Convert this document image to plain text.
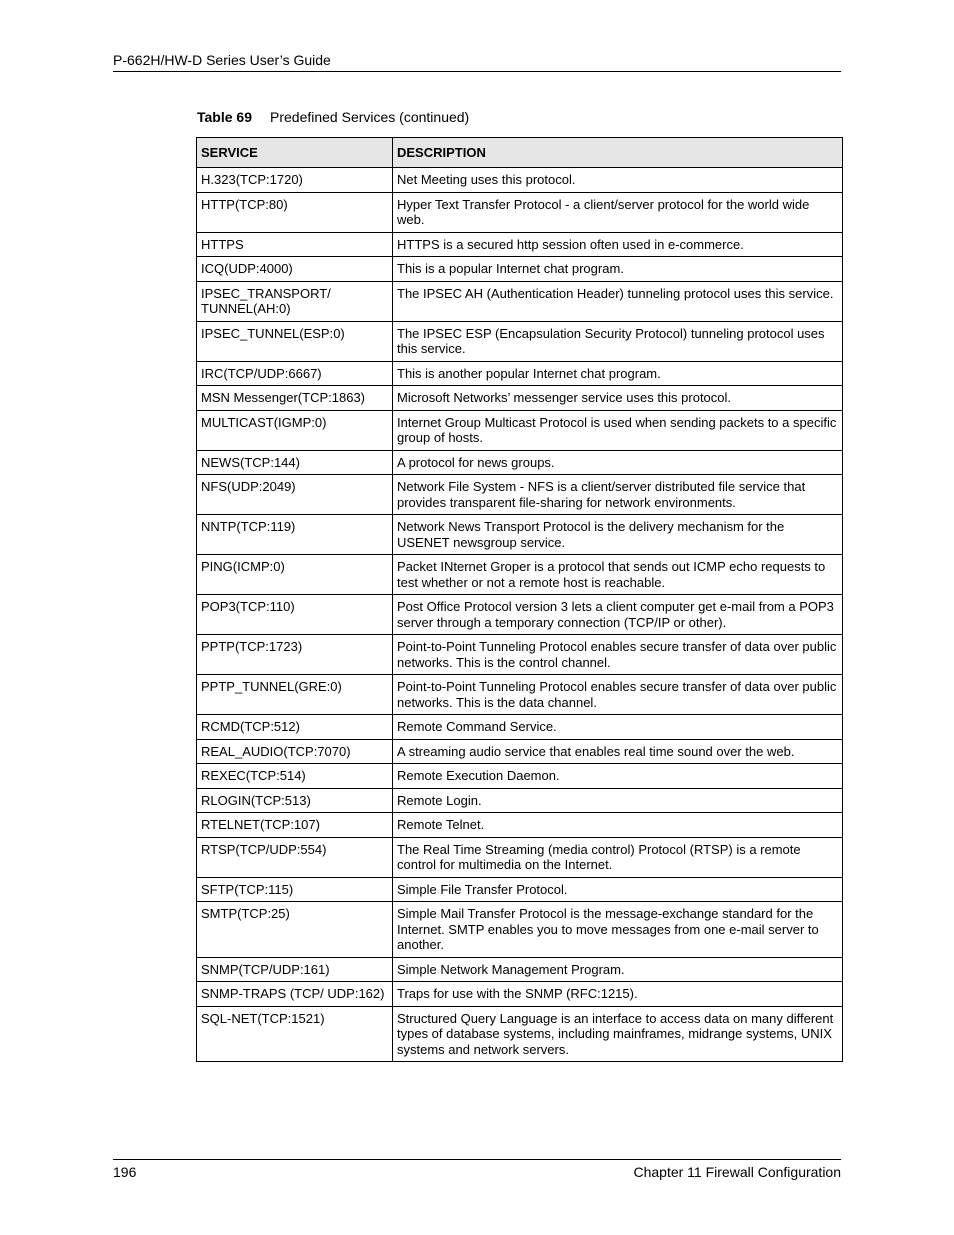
P-662H/HW-D Series User’s Guide
Table 69 Predefined Services (continued)
SERVICE	DESCRIPTION
H.323(TCP:1720)	Net Meeting uses this protocol.
HTTP(TCP:80)	Hyper Text Transfer Protocol - a client/server protocol for the world wide web.
HTTPS	HTTPS is a secured http session often used in e-commerce.
ICQ(UDP:4000)	This is a popular Internet chat program.
IPSEC_TRANSPORT/ TUNNEL(AH:0)	The IPSEC AH (Authentication Header) tunneling protocol uses this service.
IPSEC_TUNNEL(ESP:0)	The IPSEC ESP (Encapsulation Security Protocol) tunneling protocol uses this service.
IRC(TCP/UDP:6667)	This is another popular Internet chat program.
MSN Messenger(TCP:1863)	Microsoft Networks’ messenger service uses this protocol.
MULTICAST(IGMP:0)	Internet Group Multicast Protocol is used when sending packets to a specific group of hosts.
NEWS(TCP:144)	A protocol for news groups.
NFS(UDP:2049)	Network File System - NFS is a client/server distributed file service that provides transparent file-sharing for network environments.
NNTP(TCP:119)	Network News Transport Protocol is the delivery mechanism for the USENET newsgroup service.
PING(ICMP:0)	Packet INternet Groper is a protocol that sends out ICMP echo requests to test whether or not a remote host is reachable.
POP3(TCP:110)	Post Office Protocol version 3 lets a client computer get e-mail from a POP3 server through a temporary connection (TCP/IP or other).
PPTP(TCP:1723)	Point-to-Point Tunneling Protocol enables secure transfer of data over public networks. This is the control channel.
PPTP_TUNNEL(GRE:0)	Point-to-Point Tunneling Protocol enables secure transfer of data over public networks. This is the data channel.
RCMD(TCP:512)	Remote Command Service.
REAL_AUDIO(TCP:7070)	A streaming audio service that enables real time sound over the web.
REXEC(TCP:514)	Remote Execution Daemon.
RLOGIN(TCP:513)	Remote Login.
RTELNET(TCP:107)	Remote Telnet.
RTSP(TCP/UDP:554)	The Real Time Streaming (media control) Protocol (RTSP) is a remote control for multimedia on the Internet.
SFTP(TCP:115)	Simple File Transfer Protocol.
SMTP(TCP:25)	Simple Mail Transfer Protocol is the message-exchange standard for the Internet. SMTP enables you to move messages from one e-mail server to another.
SNMP(TCP/UDP:161)	Simple Network Management Program.
SNMP-TRAPS (TCP/ UDP:162)	Traps for use with the SNMP (RFC:1215).
SQL-NET(TCP:1521)	Structured Query Language is an interface to access data on many different types of database systems, including mainframes, midrange systems, UNIX systems and network servers.
196	Chapter 11 Firewall Configuration
